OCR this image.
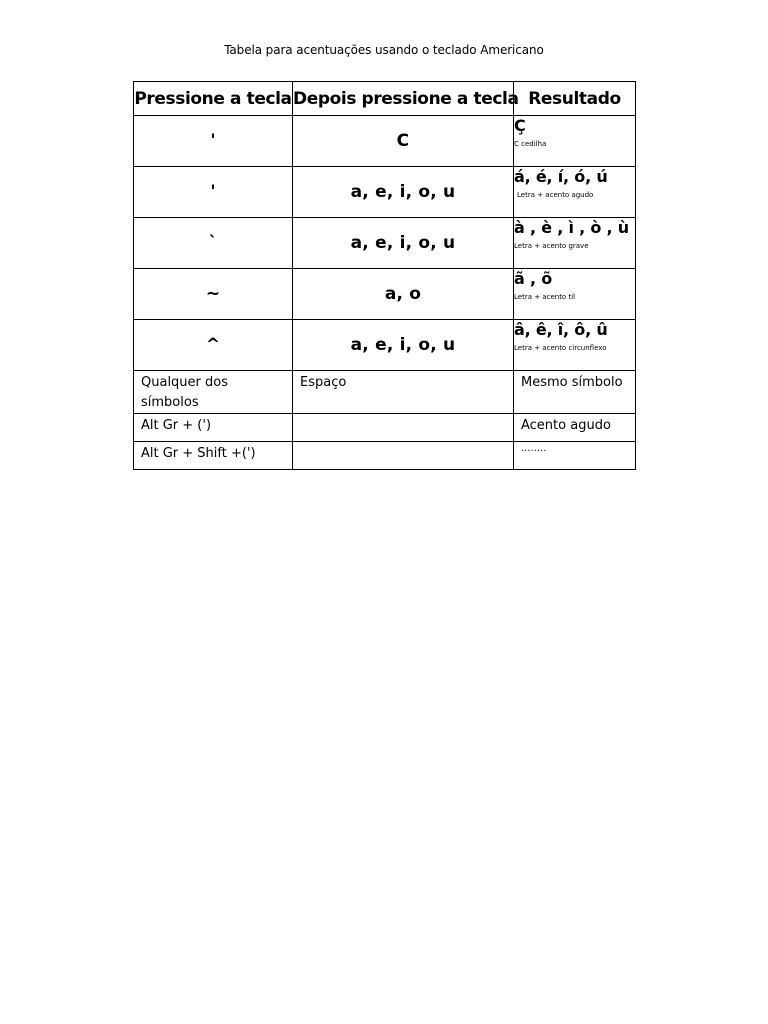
Tabela para acentuações usando o teclado Americano
Pressione a tecla	Depois pressione a tecla	Resultado
'	C	Ç
C cedilha

'	a, e, i, o, u	á, é, í, ó, ú
Letra + acento agudo

`	a, e, i, o, u	à , è , ì , ò , ù
Letra + acento grave

~	a, o	ã , õ
Letra + acento til

^	a, e, i, o, u	â, ê, î, ô, û
Letra + acento circunflexo

Qualquer dos símbolos	Espaço	Mesmo símbolo
Alt Gr + (')		Acento agudo
Alt Gr + Shift +(')		........
